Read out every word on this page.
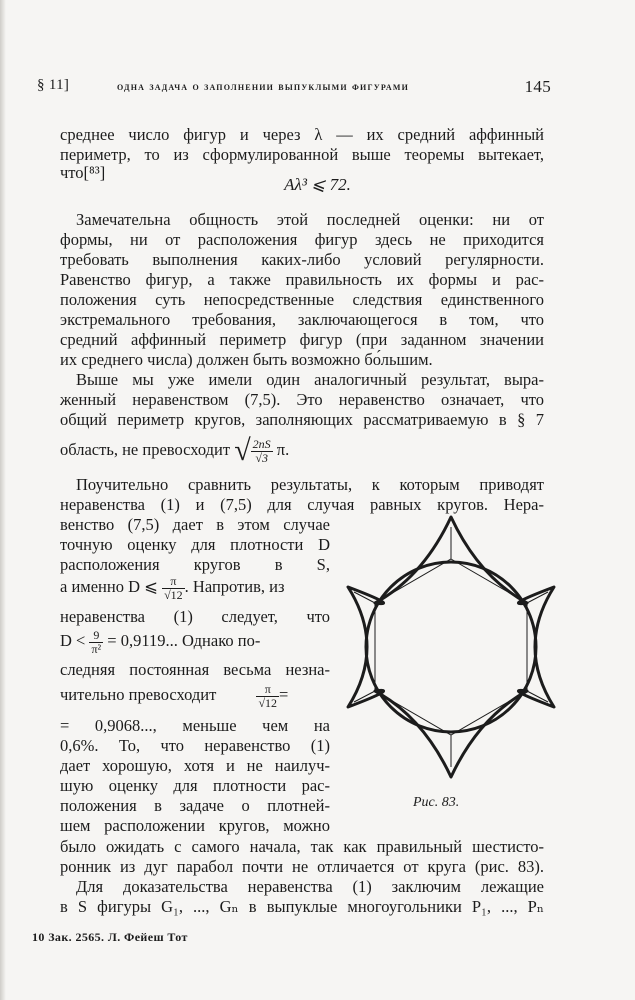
§ 11]	одна задача о заполнении выпуклыми фигурами	145
среднее число фигур и через λ — их средний аффинный
периметр, то из сформулированной выше теоремы вытекает,
что[⁸³]
Aλ³ ⩽ 72.
Замечательна общность этой последней оценки: ни от
формы, ни от расположения фигур здесь не приходится
требовать выполнения каких-либо условий регулярности.
Равенство фигур, а также правильность их формы и рас-
положения суть непосредственные следствия единственного
экстремального требования, заключающегося в том, что
средний аффинный периметр фигур (при заданном значении
их среднего числа) должен быть возможно бо́льшим.
Выше мы уже имели один аналогичный результат, выра-
женный неравенством (7,5). Это неравенство означает, что
общий периметр кругов, заполняющих рассматриваемую в § 7
область, не превосходит √ $\frac{2nS}{√3} \pi$.
Поучительно сравнить результаты, к которым приводят
неравенства (1) и (7,5) для случая равных кругов. Нера-
венство (7,5) дает в этом случае
точную оценку для плотности D
расположения кругов в S,
а именно D ⩽ $\frac{\pi}{√12}$ . Напротив, из
неравенства (1) следует, что
$D < \frac{9}{\text{π²}} = 0,9119$... Однако по-
следняя постоянная весьма незна-
чительно превосходит	$\frac{\pi}{√12}$ =
= 0,9068..., меньше чем на
0,6%. То, что неравенство (1)
дает хорошую, хотя и не наилуч-
шую оценку для плотности рас-
положения в задаче о плотней-
шем расположении кругов, можно
Рис. 83.
было ожидать с самого начала, так как правильный шестисто-
ронник из дуг парабол почти не отличается от круга (рис. 83).
Для доказательства неравенства (1) заключим лежащие
в S фигуры G₁, ..., Gₙ в выпуклые многоугольники P₁, ..., Pₙ
10 Зак. 2565. Л. Фейеш Тот
